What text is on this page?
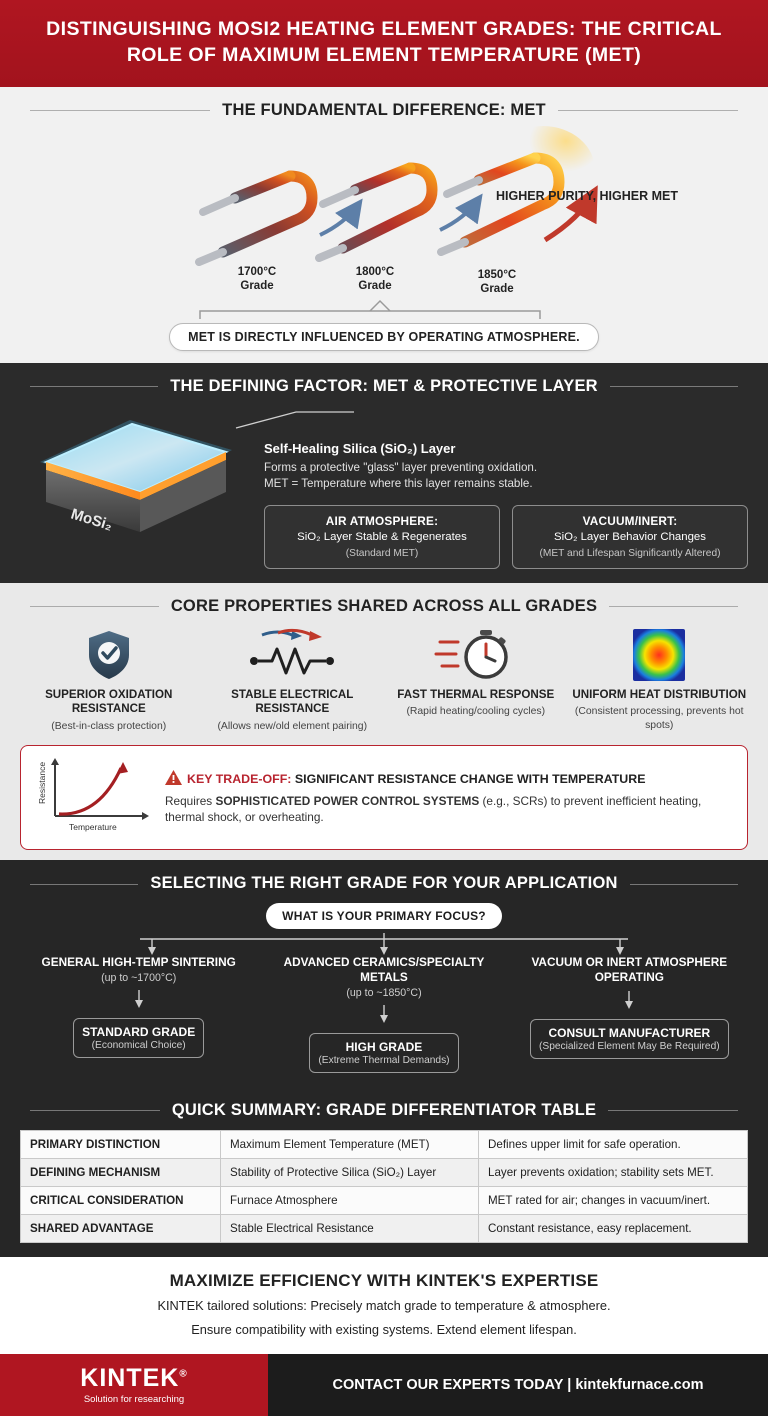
DISTINGUISHING MOSI2 HEATING ELEMENT GRADES: THE CRITICAL ROLE OF MAXIMUM ELEMENT TEMPERATURE (MET)
THE FUNDAMENTAL DIFFERENCE: MET
HIGHER PURITY, HIGHER MET
1700°C
Grade
1800°C
Grade
1850°C
Grade
MET IS DIRECTLY INFLUENCED BY OPERATING ATMOSPHERE.
THE DEFINING FACTOR: MET & PROTECTIVE LAYER
MoSi₂
Self-Healing Silica (SiO₂) Layer

Forms a protective "glass" layer preventing oxidation.

MET = Temperature where this layer remains stable.

AIR ATMOSPHERE:
SiO₂ Layer Stable & Regenerates
(Standard MET)
VACUUM/INERT:
SiO₂ Layer Behavior Changes
(MET and Lifespan Significantly Altered)
CORE PROPERTIES SHARED ACROSS ALL GRADES
SUPERIOR OXIDATION RESISTANCE
(Best-in-class protection)
STABLE ELECTRICAL RESISTANCE
(Allows new/old element pairing)
FAST THERMAL RESPONSE
(Rapid heating/cooling cycles)
UNIFORM HEAT DISTRIBUTION
(Consistent processing, prevents hot spots)
Resistance
Temperature
KEY TRADE-OFF: SIGNIFICANT RESISTANCE CHANGE WITH TEMPERATURE
Requires SOPHISTICATED POWER CONTROL SYSTEMS (e.g., SCRs) to prevent inefficient heating, thermal shock, or overheating.
SELECTING THE RIGHT GRADE FOR YOUR APPLICATION
WHAT IS YOUR PRIMARY FOCUS?
GENERAL HIGH-TEMP SINTERING
(up to ~1700°C)
STANDARD GRADE
(Economical Choice)
ADVANCED CERAMICS/SPECIALTY METALS
(up to ~1850°C)
HIGH GRADE
(Extreme Thermal Demands)
VACUUM OR INERT ATMOSPHERE OPERATING
CONSULT MANUFACTURER
(Specialized Element May Be Required)
QUICK SUMMARY: GRADE DIFFERENTIATOR TABLE
PRIMARY DISTINCTION	Maximum Element Temperature (MET)	Defines upper limit for safe operation.
DEFINING MECHANISM	Stability of Protective Silica (SiO₂) Layer	Layer prevents oxidation; stability sets MET.
CRITICAL CONSIDERATION	Furnace Atmosphere	MET rated for air; changes in vacuum/inert.
SHARED ADVANTAGE	Stable Electrical Resistance	Constant resistance, easy replacement.
MAXIMIZE EFFICIENCY WITH KINTEK'S EXPERTISE

KINTEK tailored solutions: Precisely match grade to temperature & atmosphere.

Ensure compatibility with existing systems. Extend element lifespan.

KINTEK®
Solution for researching
CONTACT OUR EXPERTS TODAY | kintekfurnace.com
